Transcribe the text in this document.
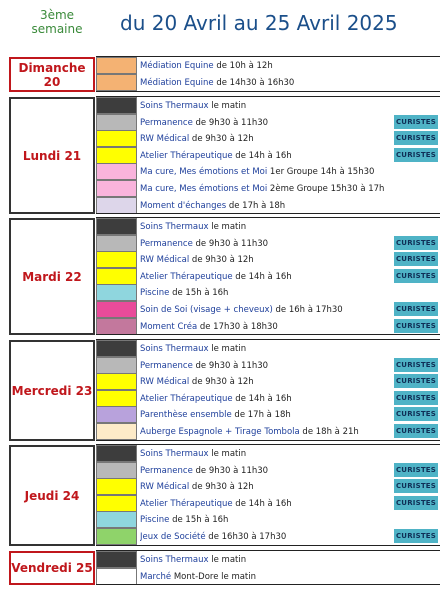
3ème
semaine	du 20 Avril au 25 Avril 2025
Dimanche 20
Médiation Equine de 10h à 12h
Médiation Equine de 14h30 à 16h30
Lundi 21
Soins Thermaux le matin
Permanence de 9h30 à 11h30	CURISTES
RW Médical de 9h30 à 12h	CURISTES
Atelier Thérapeutique de 14h à 16h	CURISTES
Ma cure, Mes émotions et Moi 1er Groupe 14h à 15h30
Ma cure, Mes émotions et Moi 2ème Groupe 15h30 à 17h
Moment d'échanges de 17h à 18h
Mardi 22
Soins Thermaux le matin
Permanence de 9h30 à 11h30	CURISTES
RW Médical de 9h30 à 12h	CURISTES
Atelier Thérapeutique de 14h à 16h	CURISTES
Piscine de 15h à 16h
Soin de Soi (visage + cheveux) de 16h à 17h30	CURISTES
Moment Créa de 17h30 à 18h30	CURISTES
Mercredi 23
Soins Thermaux le matin
Permanence de 9h30 à 11h30	CURISTES
RW Médical de 9h30 à 12h	CURISTES
Atelier Thérapeutique de 14h à 16h	CURISTES
Parenthèse ensemble de 17h à 18h	CURISTES
Auberge Espagnole + Tirage Tombola de 18h à 21h	CURISTES
Jeudi 24
Soins Thermaux le matin
Permanence de 9h30 à 11h30	CURISTES
RW Médical de 9h30 à 12h	CURISTES
Atelier Thérapeutique de 14h à 16h	CURISTES
Piscine de 15h à 16h
Jeux de Société de 16h30 à 17h30	CURISTES
Vendredi 25
Soins Thermaux le matin
Marché Mont-Dore le matin
